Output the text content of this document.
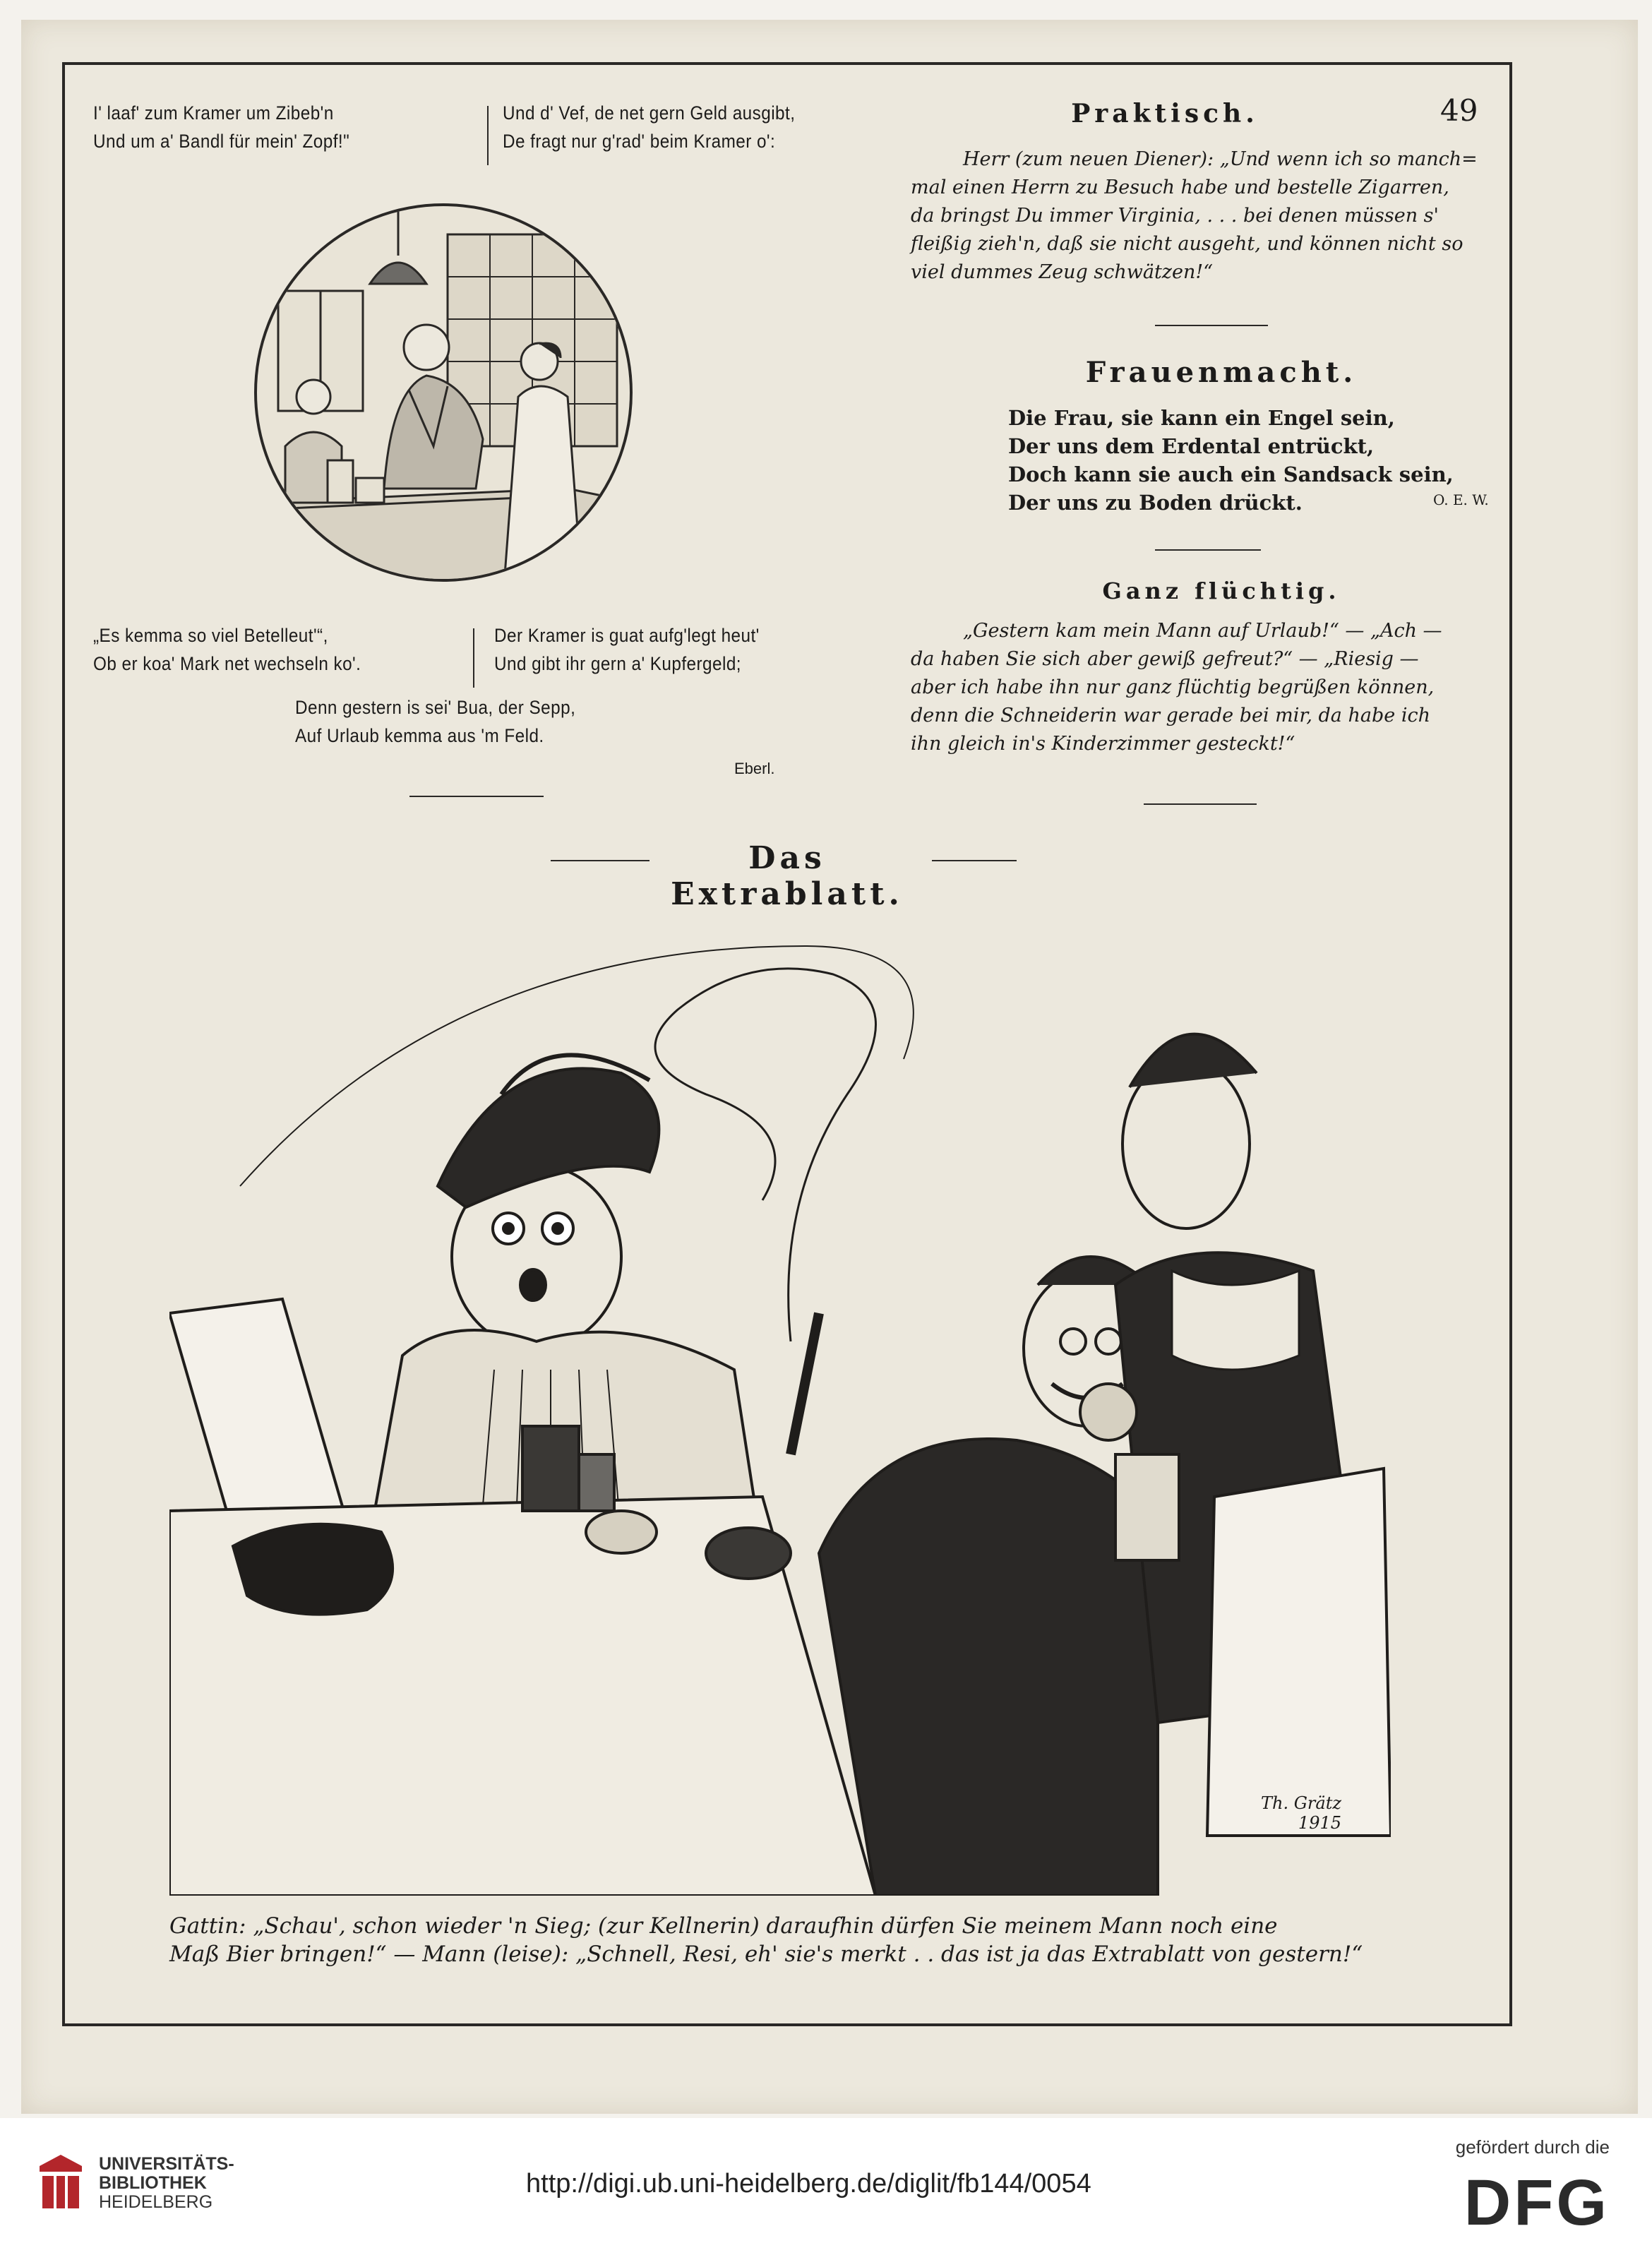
I' laaf' zum Kramer um Zibeb'n
Und um a' Bandl für mein' Zopf!"
Und d' Vef, de net gern Geld ausgibt,
De fragt nur g'rad' beim Kramer o':
„Es kemma so viel Betelleut'“,
Ob er koa' Mark net wechseln ko'.
Der Kramer is guat aufg'legt heut'
Und gibt ihr gern a' Kupfergeld;
Denn gestern is sei' Bua, der Sepp,
Auf Urlaub kemma aus 'm Feld.
Eberl.
Praktisch.	49
Herr (zum neuen Diener): „Und wenn ich so manch=
mal einen Herrn zu Besuch habe und bestelle Zigarren,
da bringst Du immer Virginia, . . . bei denen müssen s'
fleißig zieh'n, daß sie nicht ausgeht, und können nicht so
viel dummes Zeug schwätzen!“
Frauenmacht.
Die Frau, sie kann ein Engel sein,
Der uns dem Erdental entrückt,
Doch kann sie auch ein Sandsack sein,
Der uns zu Boden drückt.	O. E. W.
Ganz flüchtig.
„Gestern kam mein Mann auf Urlaub!“ — „Ach —
da haben Sie sich aber gewiß gefreut?“ — „Riesig —
aber ich habe ihn nur ganz flüchtig begrüßen können,
denn die Schneiderin war gerade bei mir, da habe ich
ihn gleich in's Kinderzimmer gesteckt!“
Das Extrablatt.
Th. Grätz 1915
Gattin: „Schau', schon wieder 'n Sieg; (zur Kellnerin) daraufhin dürfen Sie meinem Mann noch eine
Maß Bier bringen!“ — Mann (leise): „Schnell, Resi, eh' sie's merkt . . das ist ja das Extrablatt von gestern!“
UNIVERSITÄTS-
BIBLIOTHEK
HEIDELBERG
http://digi.ub.uni-heidelberg.de/diglit/fb144/0054
gefördert durch die
DFG
